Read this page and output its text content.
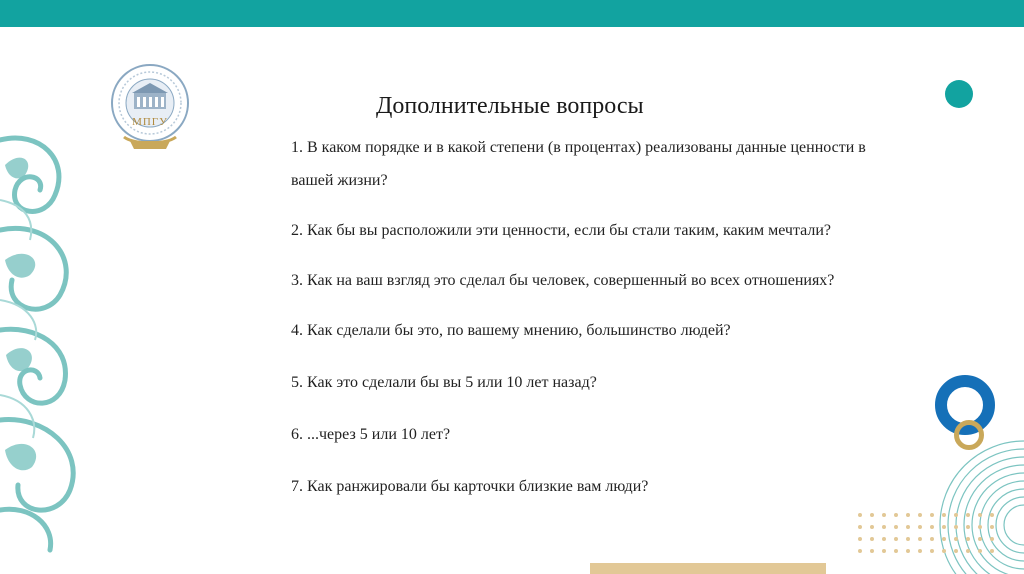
МПГУ
Дополнительные вопросы
1. В каком порядке и в какой степени (в процентах) реализованы данные ценности в вашей жизни?
2. Как бы вы расположили эти ценности, если бы стали таким, каким мечтали?
3. Как на ваш взгляд это сделал бы человек, совершенный во всех отношениях?
4. Как сделали бы это, по вашему мнению, большинство людей?
5. Как это сделали бы вы 5 или 10 лет назад?
6. ...через 5 или 10 лет?
7. Как ранжировали бы карточки близкие вам люди?
